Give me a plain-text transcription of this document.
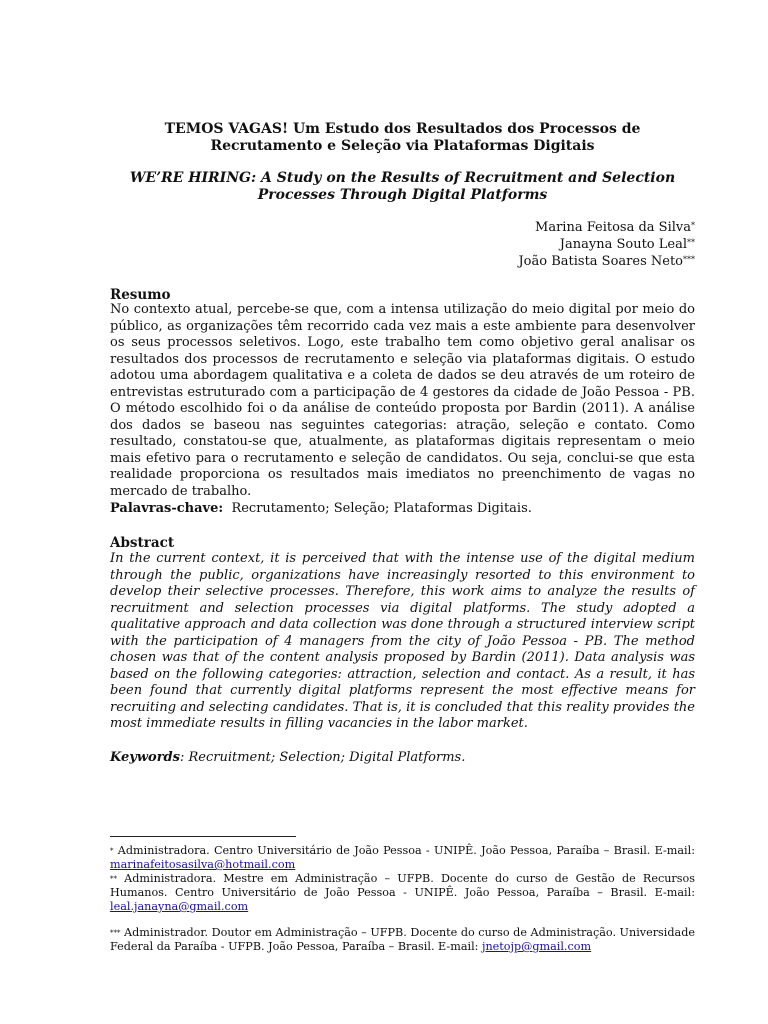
TEMOS VAGAS! Um Estudo dos Resultados dos Processos de Recrutamento e Seleção via Plataformas Digitais
WE’RE HIRING: A Study on the Results of Recruitment and Selection Processes Through Digital Platforms
Marina Feitosa da Silva*
Janayna Souto Leal**
João Batista Soares Neto***
Resumo
No contexto atual, percebe-se que, com a intensa utilização do meio digital por meio do público, as organizações têm recorrido cada vez mais a este ambiente para desenvolver os seus processos seletivos. Logo, este trabalho tem como objetivo geral analisar os resultados dos processos de recrutamento e seleção via plataformas digitais. O estudo adotou uma abordagem qualitativa e a coleta de dados se deu através de um roteiro de entrevistas estruturado com a participação de 4 gestores da cidade de João Pessoa - PB. O método escolhido foi o da análise de conteúdo proposta por Bardin (2011). A análise dos dados se baseou nas seguintes categorias: atração, seleção e contato. Como resultado, constatou-se que, atualmente, as plataformas digitais representam o meio mais efetivo para o recrutamento e seleção de candidatos. Ou seja, conclui-se que esta realidade proporciona os resultados mais imediatos no preenchimento de vagas no mercado de trabalho.
Palavras-chave: Recrutamento; Seleção; Plataformas Digitais.
Abstract
In the current context, it is perceived that with the intense use of the digital medium through the public, organizations have increasingly resorted to this environment to develop their selective processes. Therefore, this work aims to analyze the results of recruitment and selection processes via digital platforms. The study adopted a qualitative approach and data collection was done through a structured interview script with the participation of 4 managers from the city of João Pessoa - PB. The method chosen was that of the content analysis proposed by Bardin (2011). Data analysis was based on the following categories: attraction, selection and contact. As a result, it has been found that currently digital platforms represent the most effective means for recruiting and selecting candidates. That is, it is concluded that this reality provides the most immediate results in filling vacancies in the labor market.
Keywords: Recruitment; Selection; Digital Platforms.
* Administradora. Centro Universitário de João Pessoa - UNIPÊ. João Pessoa, Paraíba – Brasil. E-mail: marinafeitosasilva@hotmail.com
** Administradora. Mestre em Administração – UFPB. Docente do curso de Gestão de Recursos Humanos. Centro Universitário de João Pessoa - UNIPÊ. João Pessoa, Paraíba – Brasil. E-mail: leal.janayna@gmail.com
*** Administrador. Doutor em Administração – UFPB. Docente do curso de Administração. Universidade Federal da Paraíba - UFPB. João Pessoa, Paraíba – Brasil. E-mail: jnetojp@gmail.com
